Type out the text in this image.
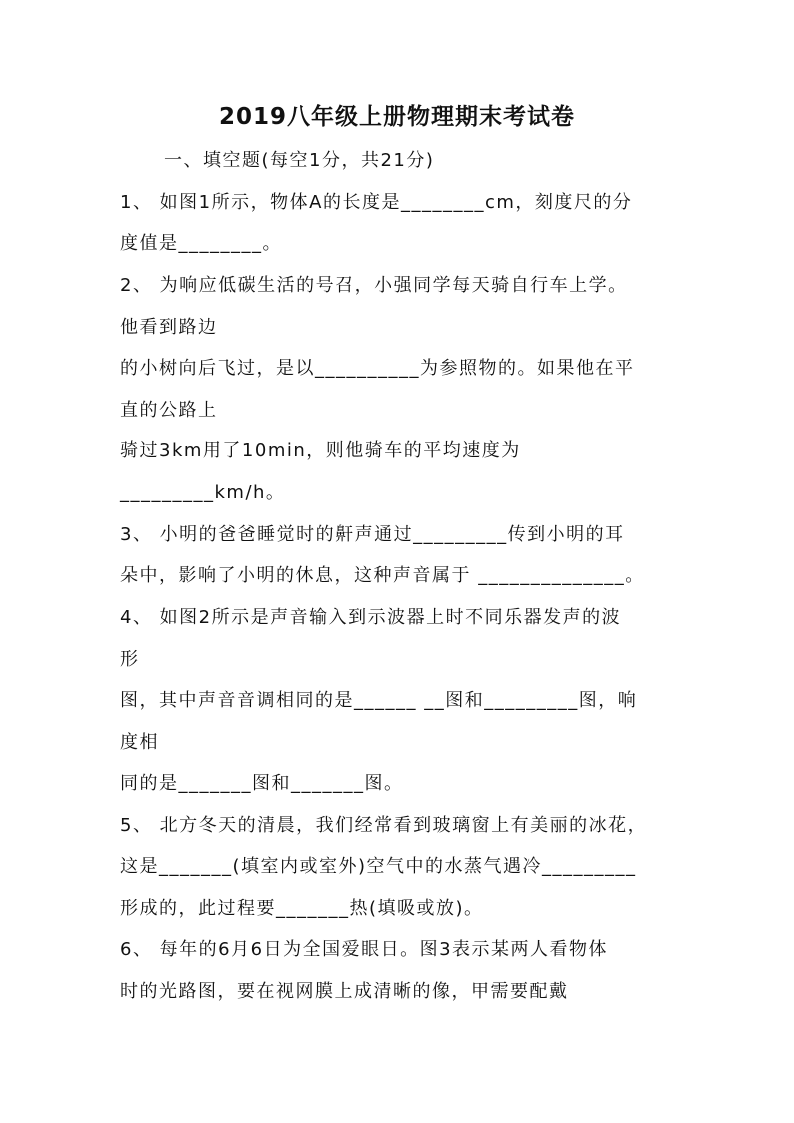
2019八年级上册物理期末考试卷
一、填空题(每空1分，共21分)
1、 如图1所示，物体A的长度是________cm，刻度尺的分
度值是________。
2、 为响应低碳生活的号召，小强同学每天骑自行车上学。
他看到路边
的小树向后飞过，是以__________为参照物的。如果他在平
直的公路上
骑过3km用了10min，则他骑车的平均速度为
_________km/h。
3、 小明的爸爸睡觉时的鼾声通过_________传到小明的耳
朵中，影响了小明的休息，这种声音属于 ______________。
4、 如图2所示是声音输入到示波器上时不同乐器发声的波
形
图，其中声音音调相同的是______ __图和_________图，响
度相
同的是_______图和_______图。
5、 北方冬天的清晨，我们经常看到玻璃窗上有美丽的冰花，
这是_______(填室内或室外)空气中的水蒸气遇冷_________
形成的，此过程要_______热(填吸或放)。
6、 每年的6月6日为全国爱眼日。图3表示某两人看物体
时的光路图，要在视网膜上成清晰的像，甲需要配戴
